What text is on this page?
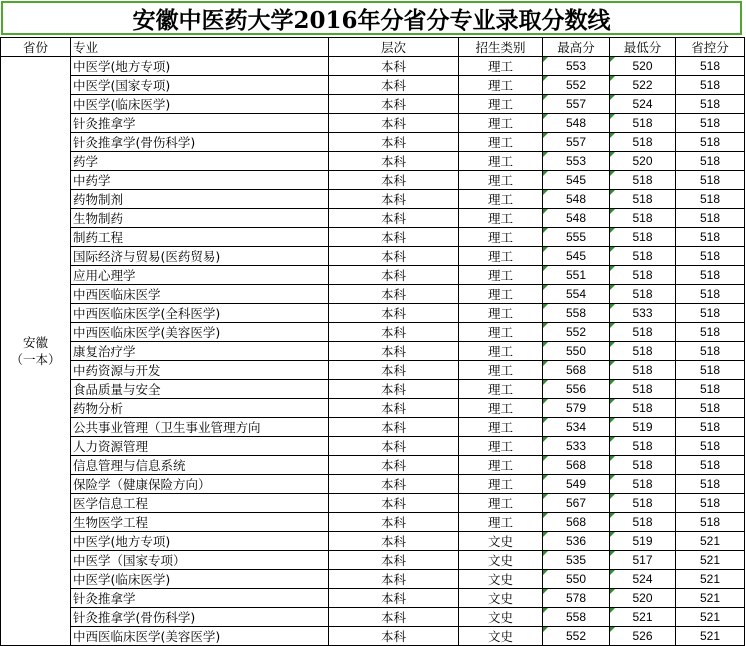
安徽中医药大学2016年分省分专业录取分数线
省份	专业	层次	招生类别	最高分	最低分	省控分
安徽
（一本）	中医学(地方专项)	本科	理工	553	520	518
	中医学(国家专项)	本科	理工	552	522	518
	中医学(临床医学)	本科	理工	557	524	518
	针灸推拿学	本科	理工	548	518	518
	针灸推拿学(骨伤科学)	本科	理工	557	518	518
	药学	本科	理工	553	520	518
	中药学	本科	理工	545	518	518
	药物制剂	本科	理工	548	518	518
	生物制药	本科	理工	548	518	518
	制药工程	本科	理工	555	518	518
	国际经济与贸易(医药贸易)	本科	理工	545	518	518
	应用心理学	本科	理工	551	518	518
	中西医临床医学	本科	理工	554	518	518
	中西医临床医学(全科医学)	本科	理工	558	533	518
	中西医临床医学(美容医学)	本科	理工	552	518	518
	康复治疗学	本科	理工	550	518	518
	中药资源与开发	本科	理工	568	518	518
	食品质量与安全	本科	理工	556	518	518
	药物分析	本科	理工	579	518	518
	公共事业管理（卫生事业管理方向	本科	理工	534	519	518
	人力资源管理	本科	理工	533	518	518
	信息管理与信息系统	本科	理工	568	518	518
	保险学（健康保险方向）	本科	理工	549	518	518
	医学信息工程	本科	理工	567	518	518
	生物医学工程	本科	理工	568	518	518
	中医学(地方专项)	本科	文史	536	519	521
	中医学（国家专项）	本科	文史	535	517	521
	中医学(临床医学)	本科	文史	550	524	521
	针灸推拿学	本科	文史	578	520	521
	针灸推拿学(骨伤科学)	本科	文史	558	521	521
	中西医临床医学(美容医学)	本科	文史	552	526	521
